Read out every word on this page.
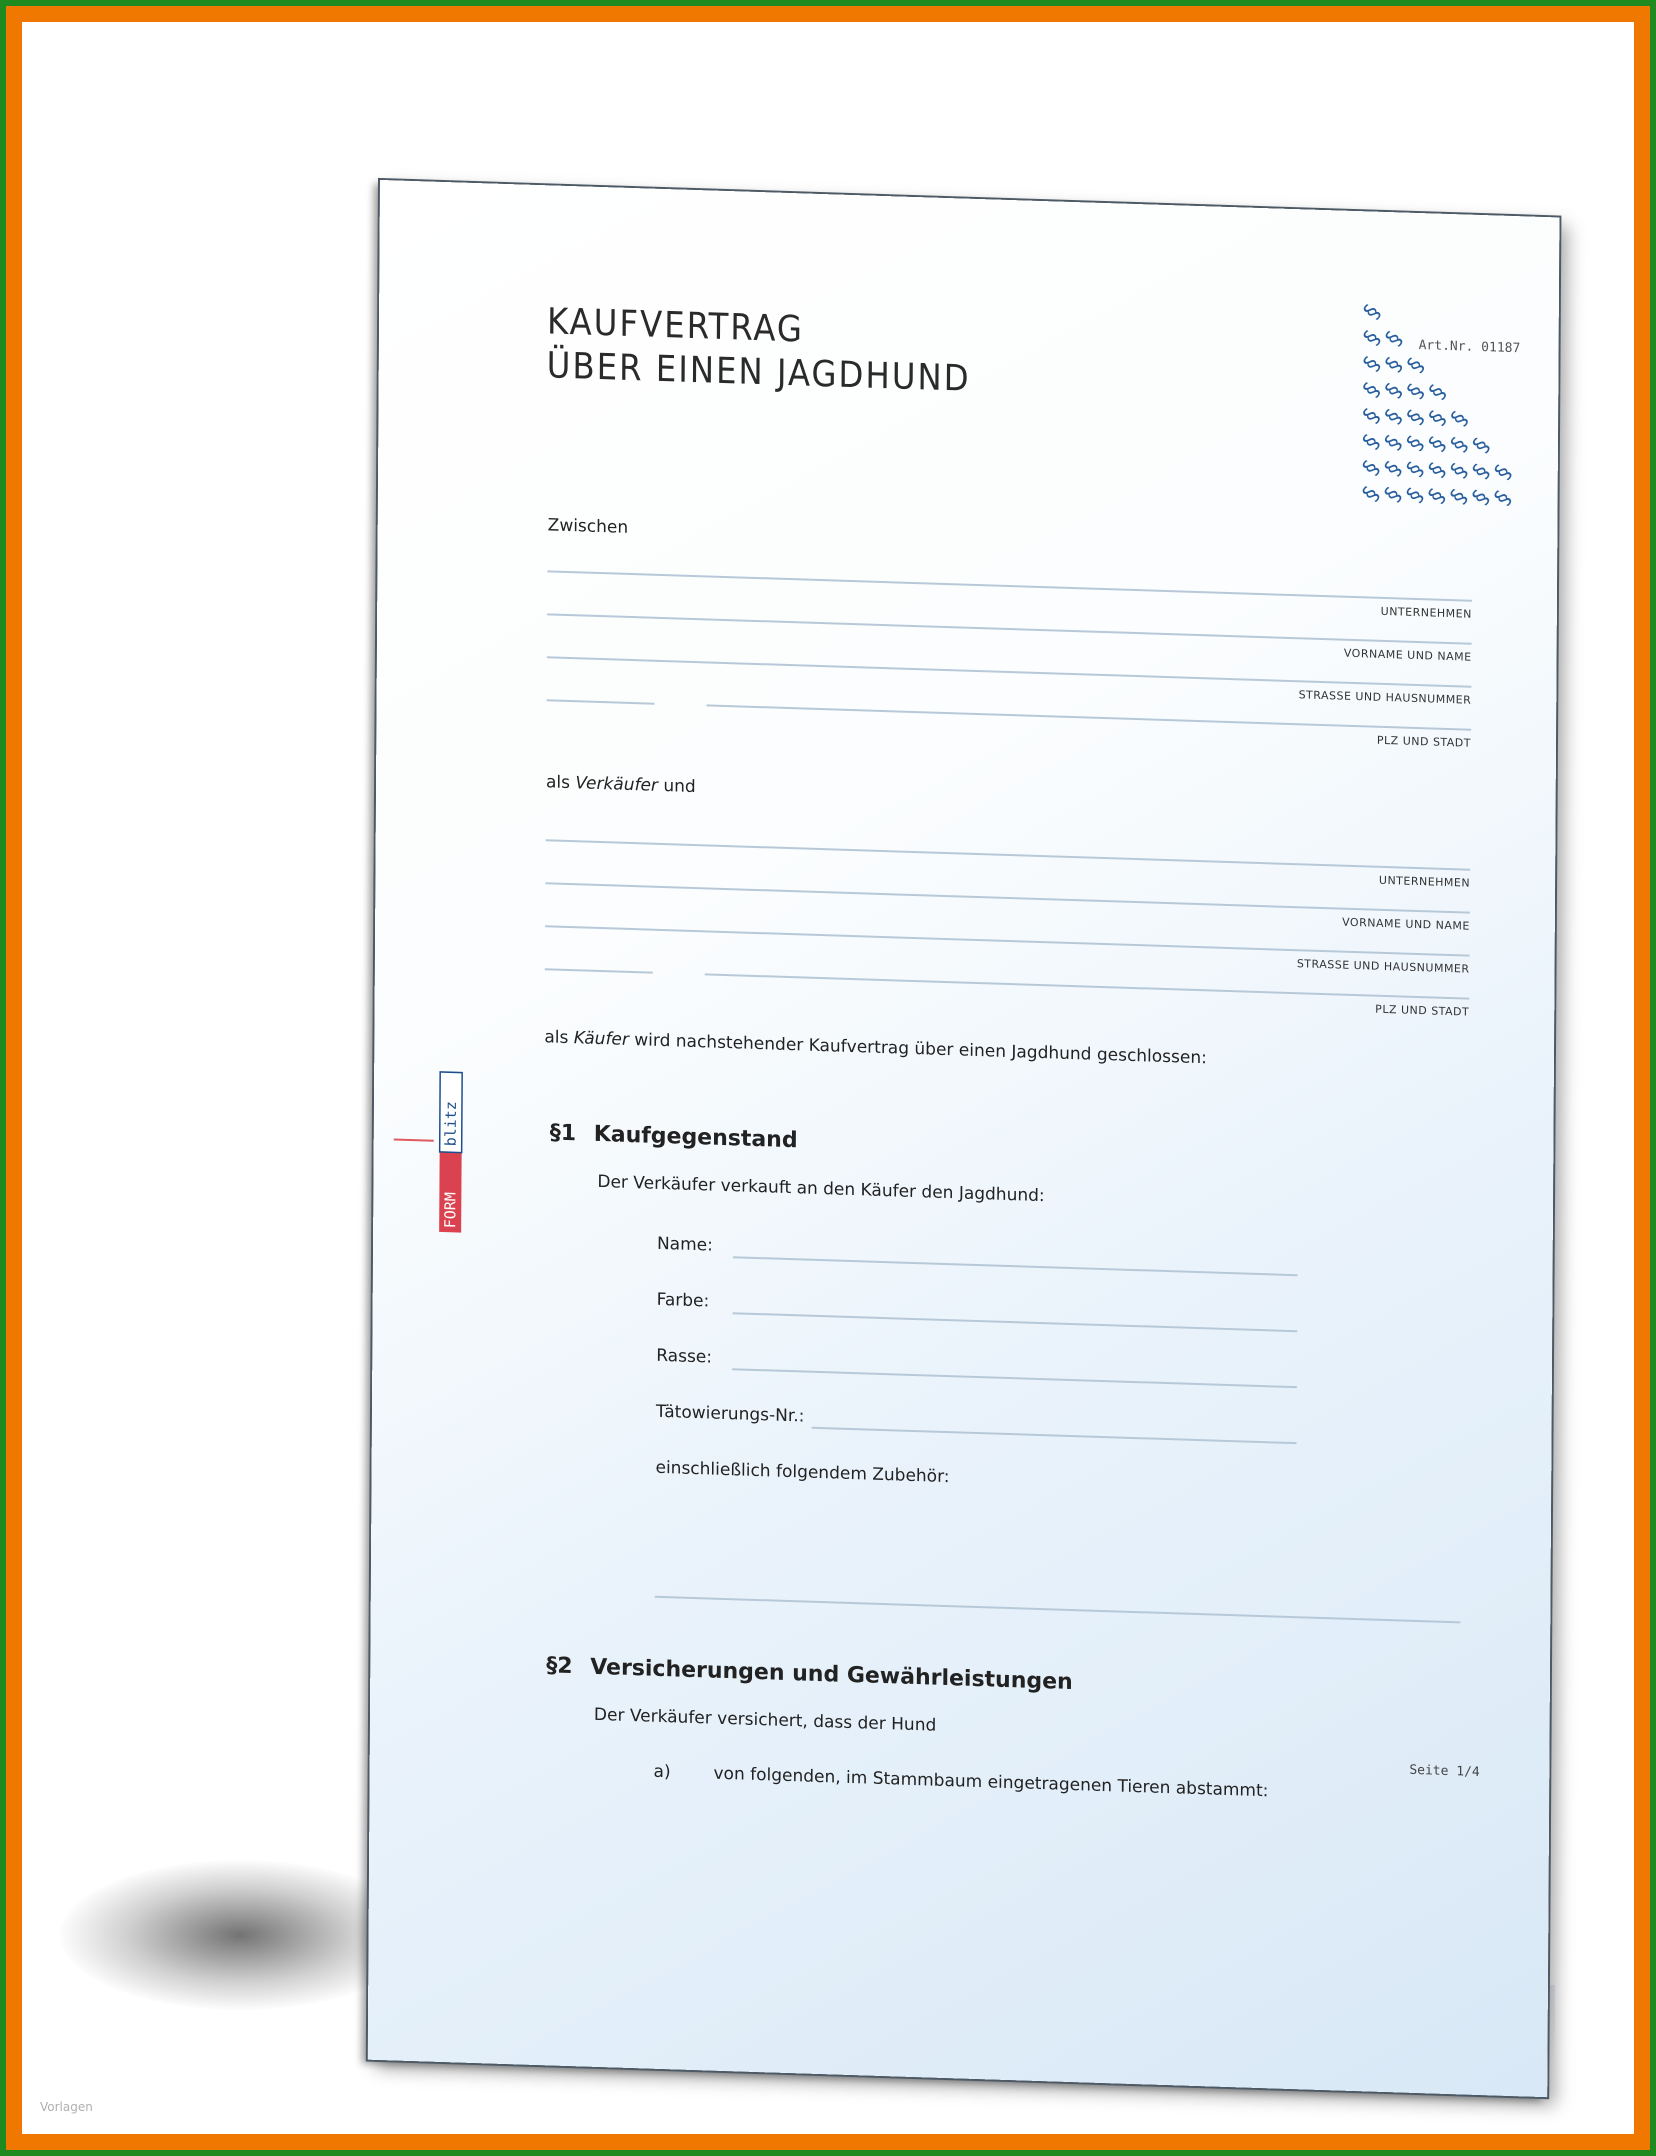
KAUFVERTRAG
ÜBER EINEN JAGDHUND	Art.Nr. 01187
§
§
§
§
§
§
§
§
§
§
§
§
§
§
§
§
§
§
§
§
§
§
§
§
§
§
§
§
§
§
§
§
§
§
§
Zwischen
UNTERNEHMEN
VORNAME UND NAME
STRASSE UND HAUSNUMMER
PLZ UND STADT
als Verkäufer und
UNTERNEHMEN
VORNAME UND NAME
STRASSE UND HAUSNUMMER
PLZ UND STADT
als Käufer wird nachstehender Kaufvertrag über einen Jagdhund geschlossen:
FORM
blitz	§1 Kaufgegenstand
Der Verkäufer verkauft an den Käufer den Jagdhund:
Name:
Farbe:
Rasse:
Tätowierungs-Nr.:
einschließlich folgendem Zubehör:
§2 Versicherungen und Gewährleistungen
Der Verkäufer versichert, dass der Hund
a)	von folgenden, im Stammbaum eingetragenen Tieren abstammt:	Seite 1/4
Vorlagen
